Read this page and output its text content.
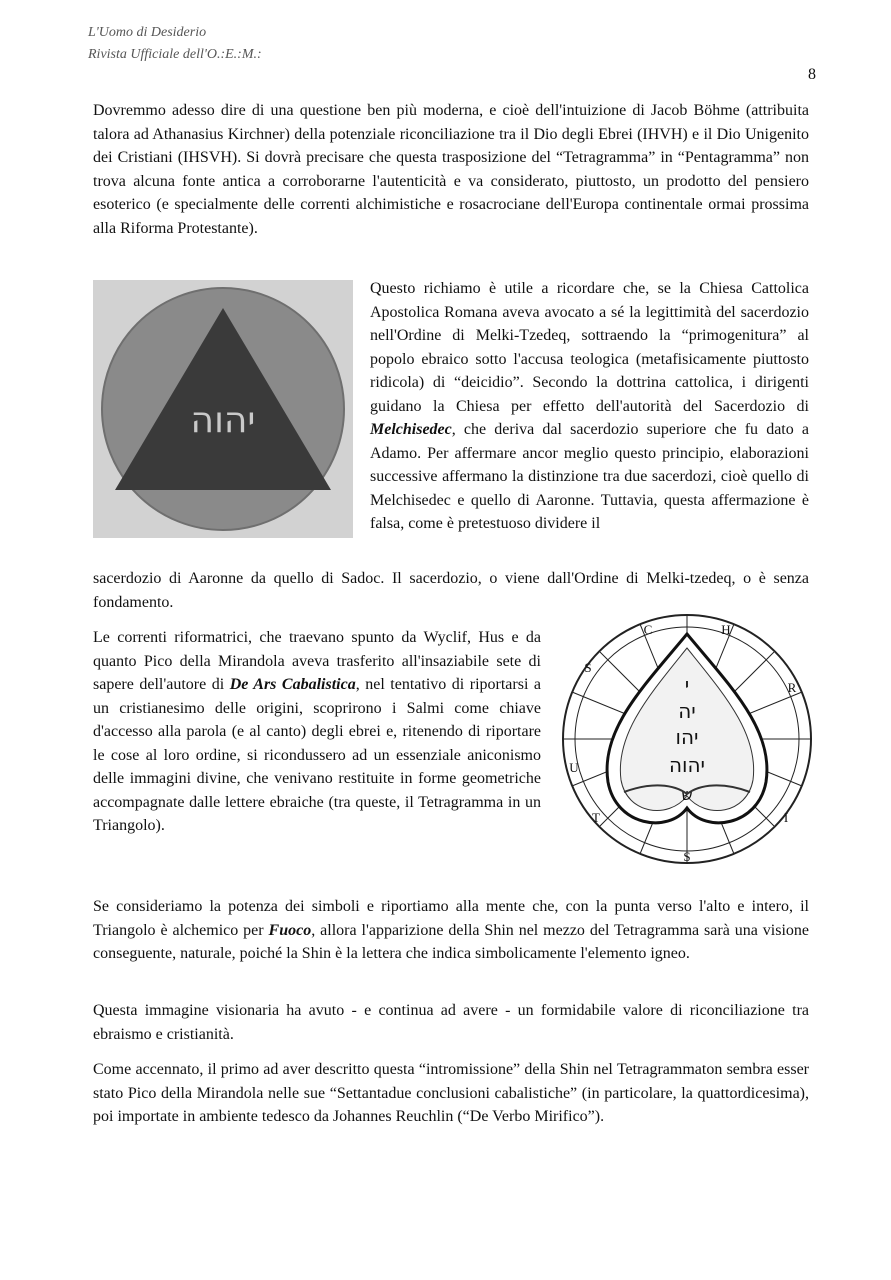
L'Uomo di Desiderio
Rivista Ufficiale dell'O.:E.:M.:
8

Dovremmo adesso dire di una questione ben più moderna, e cioè dell'intuizione di Jacob Böhme (attribuita talora ad Athanasius Kirchner) della potenziale riconciliazione tra il Dio degli Ebrei (IHVH) e il Dio Unigenito dei Cristiani (IHSVH). Si dovrà precisare che questa trasposizione del “Tetragramma” in “Pentagramma” non trova alcuna fonte antica a corroborarne l'autenticità e va considerato, piuttosto, un prodotto del pensiero esoterico (e specialmente delle correnti alchimistiche e rosacrociane dell'Europa continentale ormai prossima alla Riforma Protestante).

יהוה

Questo richiamo è utile a ricordare che, se la Chiesa Cattolica Apostolica Romana aveva avocato a sé la legittimità del sacerdozio nell'Ordine di Melki-Tzedeq, sottraendo la “primogenitura” al popolo ebraico sotto l'accusa teologica (metafisicamente piuttosto ridicola) di “deicidio”. Secondo la dottrina cattolica, i dirigenti guidano la Chiesa per effetto dell'autorità del Sacerdozio di Melchisedec, che deriva dal sacerdozio superiore che fu dato a Adamo. Per affermare ancor meglio questo principio, elaborazioni successive affermano la distinzione tra due sacerdozi, cioè quello di Melchisedec e quello di Aaronne. Tuttavia, questa affermazione è falsa, come è pretestuoso dividere il

sacerdozio di Aaronne da quello di Sadoc. Il sacerdozio, o viene dall'Ordine di Melki-tzedeq, o è senza fondamento.

Le correnti riformatrici, che traevano spunto da Wyclif, Hus e da quanto Pico della Mirandola aveva trasferito all'insaziabile sete di sapere dell'autore di De Ars Cabalistica, nel tentativo di riportarsi a un cristianesimo delle origini, scoprirono i Salmi come chiave d'accesso alla parola (e al canto) degli ebrei e, ritenendo di riportare le cose al loro ordine, si ricondussero ad un essenziale aniconismo delle immagini divine, che venivano restituite in forme geometriche accompagnate dalle lettere ebraiche (tra queste, il Tetragramma in un Triangolo).

C	H
R
I
S
T
U
S
י
יה
יהו
יהוה
ש

Se consideriamo la potenza dei simboli e riportiamo alla mente che, con la punta verso l'alto e intero, il Triangolo è alchemico per Fuoco, allora l'apparizione della Shin nel mezzo del Tetragramma sarà una visione conseguente, naturale, poiché la Shin è la lettera che indica simbolicamente l'elemento igneo.

Questa immagine visionaria ha avuto - e continua ad avere - un formidabile valore di riconciliazione tra ebraismo e cristianità.

Come accennato, il primo ad aver descritto questa “intromissione” della Shin nel Tetragrammaton sembra esser stato Pico della Mirandola nelle sue “Settantadue conclusioni cabalistiche” (in particolare, la quattordicesima), poi importate in ambiente tedesco da Johannes Reuchlin (“De Verbo Mirifico”).
